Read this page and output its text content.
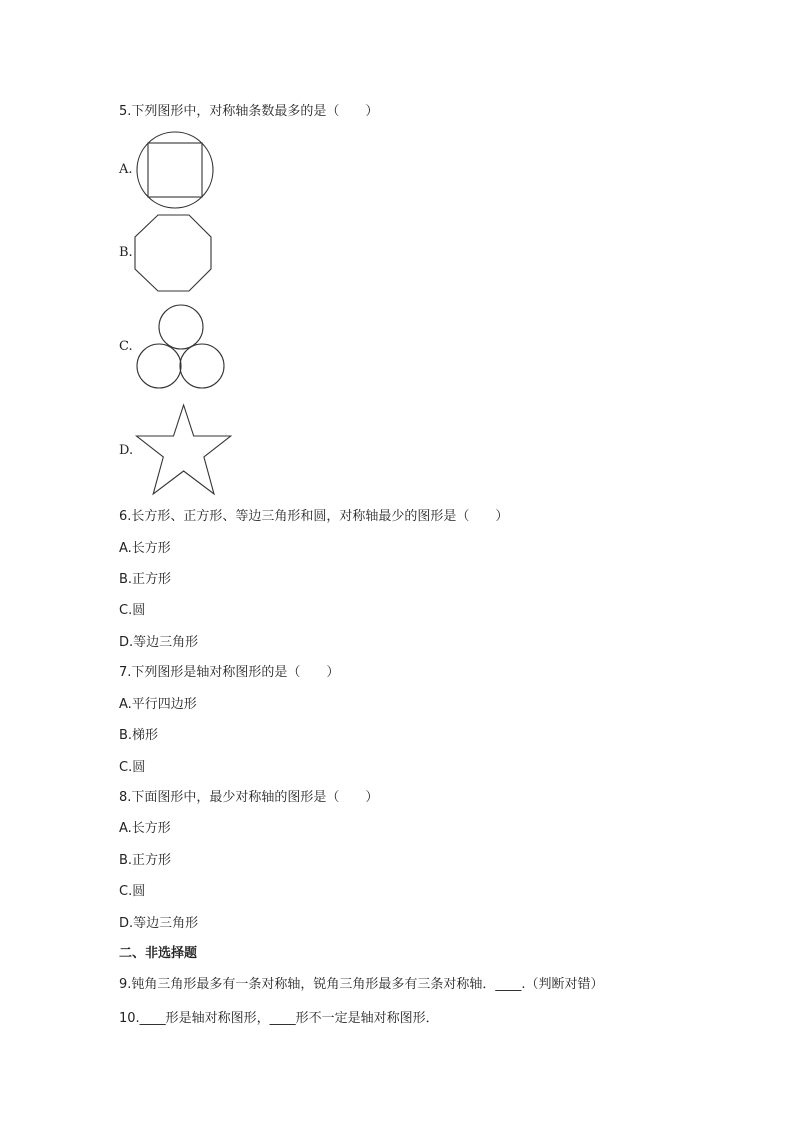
5.下列图形中，对称轴条数最多的是（　　）
A.
B.
C.
D.
6.长方形、正方形、等边三角形和圆，对称轴最少的图形是（　　）
A.长方形
B.正方形
C.圆
D.等边三角形
7.下列图形是轴对称图形的是（　　）
A.平行四边形
B.梯形
C.圆
8.下面图形中，最少对称轴的图形是（　　）
A.长方形
B.正方形
C.圆
D.等边三角形
二、非选择题
9.钝角三角形最多有一条对称轴，锐角三角形最多有三条对称轴．____.（判断对错）
10.____形是轴对称图形，____形不一定是轴对称图形．
